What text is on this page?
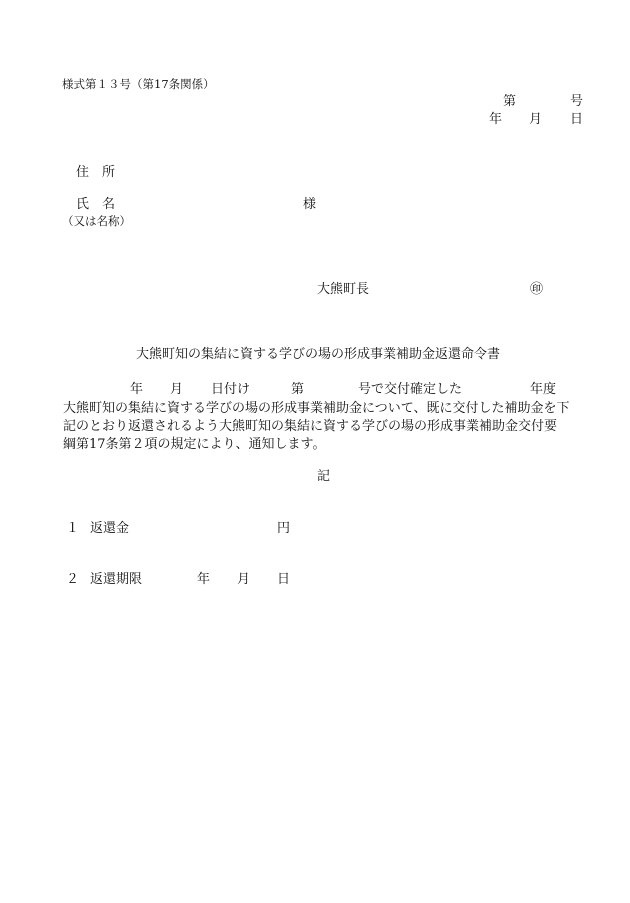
様式第１３号（第17条関係）
第	号
年 月 日
住　所
氏　名	様
（又は名称）
大熊町長	㊞
大熊町知の集結に資する学びの場の形成事業補助金返還命令書
年 月 日付け	第	号で交付確定した	年度
大熊町知の集結に資する学びの場の形成事業補助金について、既に交付した補助金を下
記のとおり返還されるよう大熊町知の集結に資する学びの場の形成事業補助金交付要
綱第17条第２項の規定により、通知します。
記
１ 返還金	円
２ 返還期限	年 月 日
